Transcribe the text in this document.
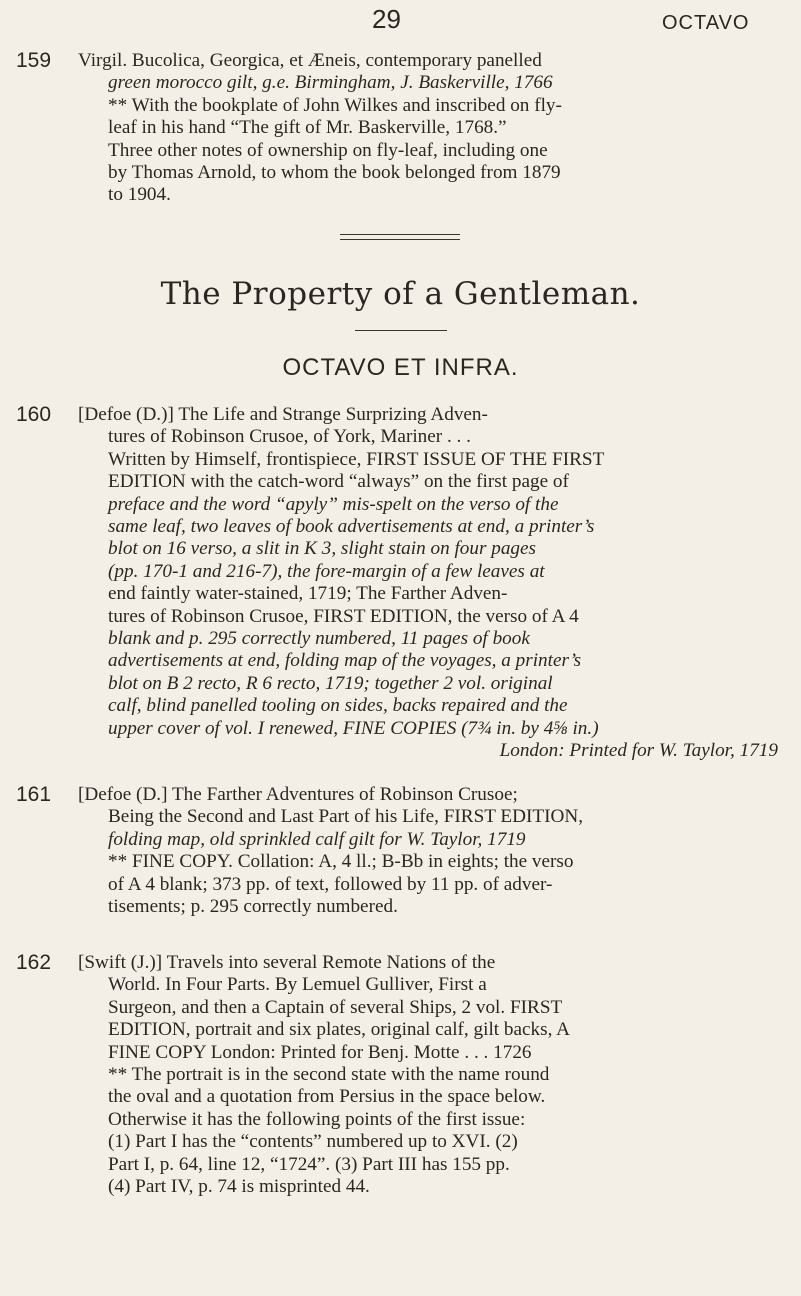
29	OCTAVO
159 Virgil. Bucolica, Georgica, et Æneis, contemporary panelled
green morocco gilt, g.e. Birmingham, J. Baskerville, 1766
** With the bookplate of John Wilkes and inscribed on fly-
leaf in his hand “The gift of Mr. Baskerville, 1768.”
Three other notes of ownership on fly-leaf, including one
by Thomas Arnold, to whom the book belonged from 1879
to 1904.
The Property of a Gentleman.
OCTAVO ET INFRA.
160 [Defoe (D.)] The Life and Strange Surprizing Adven-
tures of Robinson Crusoe, of York, Mariner . . .
Written by Himself, frontispiece, FIRST ISSUE OF THE FIRST
EDITION with the catch-word “always” on the first page of
preface and the word “apyly” mis-spelt on the verso of the
same leaf, two leaves of book advertisements at end, a printer’s
blot on 16 verso, a slit in K 3, slight stain on four pages
(pp. 170-1 and 216-7), the fore-margin of a few leaves at
end faintly water-stained, 1719; The Farther Adven-
tures of Robinson Crusoe, FIRST EDITION, the verso of A 4
blank and p. 295 correctly numbered, 11 pages of book
advertisements at end, folding map of the voyages, a printer’s
blot on B 2 recto, R 6 recto, 1719; together 2 vol. original
calf, blind panelled tooling on sides, backs repaired and the
upper cover of vol. I renewed, FINE COPIES (7¾ in. by 4⅝ in.)
London: Printed for W. Taylor, 1719
161 [Defoe (D.] The Farther Adventures of Robinson Crusoe;
Being the Second and Last Part of his Life, FIRST EDITION,
folding map, old sprinkled calf gilt for W. Taylor, 1719
** FINE COPY. Collation: A, 4 ll.; B-Bb in eights; the verso
of A 4 blank; 373 pp. of text, followed by 11 pp. of adver-
tisements; p. 295 correctly numbered.
162 [Swift (J.)] Travels into several Remote Nations of the
World. In Four Parts. By Lemuel Gulliver, First a
Surgeon, and then a Captain of several Ships, 2 vol. FIRST
EDITION, portrait and six plates, original calf, gilt backs, A
FINE COPY London: Printed for Benj. Motte . . . 1726
** The portrait is in the second state with the name round
the oval and a quotation from Persius in the space below.
Otherwise it has the following points of the first issue:
(1) Part I has the “contents” numbered up to XVI. (2)
Part I, p. 64, line 12, “1724”. (3) Part III has 155 pp.
(4) Part IV, p. 74 is misprinted 44.
